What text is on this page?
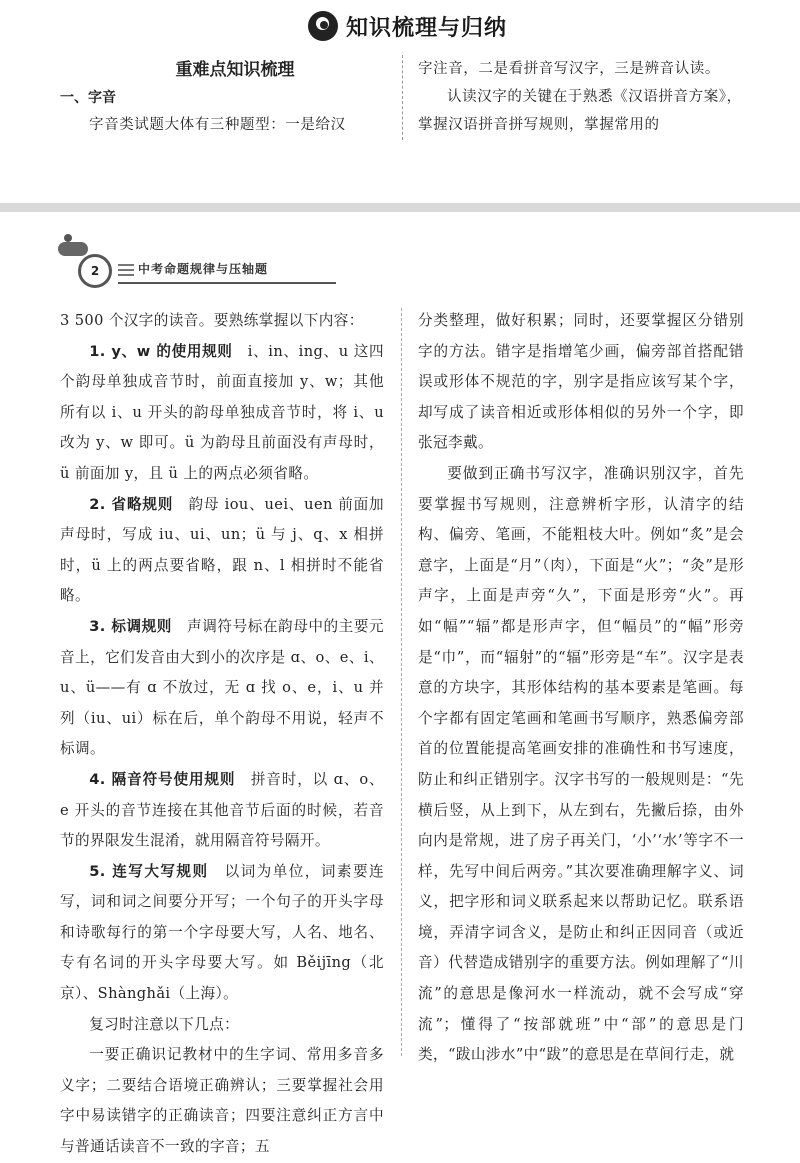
知识梳理与归纳
重难点知识梳理
一、字音
字音类试题大体有三种题型：一是给汉

字注音，二是看拼音写汉字，三是辨音认读。

认读汉字的关键在于熟悉《汉语拼音方案》，掌握汉语拼音拼写规则，掌握常用的

2	中考命题规律与压轴题

3 500 个汉字的读音。要熟练掌握以下内容：

1. y、w 的使用规则　i、in、ing、u 这四个韵母单独成音节时，前面直接加 y、w；其他所有以 i、u 开头的韵母单独成音节时，将 i、u 改为 y、w 即可。ü 为韵母且前面没有声母时，ü 前面加 y，且 ü 上的两点必须省略。

2. 省略规则　韵母 iou、uei、uen 前面加声母时，写成 iu、ui、un；ü 与 j、q、x 相拼时，ü 上的两点要省略，跟 n、l 相拼时不能省略。

3. 标调规则　声调符号标在韵母中的主要元音上，它们发音由大到小的次序是 ɑ、o、e、i、u、ü——有 ɑ 不放过，无 ɑ 找 o、e，i、u 并列（iu、ui）标在后，单个韵母不用说，轻声不标调。

4. 隔音符号使用规则　拼音时，以 ɑ、o、e 开头的音节连接在其他音节后面的时候，若音节的界限发生混淆，就用隔音符号隔开。

5. 连写大写规则　以词为单位，词素要连写，词和词之间要分开写；一个句子的开头字母和诗歌每行的第一个字母要大写，人名、地名、专有名词的开头字母要大写。如 Běijīng（北京）、Shànghǎi（上海）。

复习时注意以下几点：

一要正确识记教材中的生字词、常用多音多义字；二要结合语境正确辨认；三要掌握社会用字中易读错字的正确读音；四要注意纠正方言中与普通话读音不一致的字音；五

分类整理，做好积累；同时，还要掌握区分错别字的方法。错字是指增笔少画，偏旁部首搭配错误或形体不规范的字，别字是指应该写某个字，却写成了读音相近或形体相似的另外一个字，即张冠李戴。

要做到正确书写汉字，准确识别汉字，首先要掌握书写规则，注意辨析字形，认清字的结构、偏旁、笔画，不能粗枝大叶。例如“炙”是会意字，上面是“月”（肉），下面是“火”；“灸”是形声字，上面是声旁“久”，下面是形旁“火”。再如“幅”“辐”都是形声字，但“幅员”的“幅”形旁是“巾”，而“辐射”的“辐”形旁是“车”。汉字是表意的方块字，其形体结构的基本要素是笔画。每个字都有固定笔画和笔画书写顺序，熟悉偏旁部首的位置能提高笔画安排的准确性和书写速度，防止和纠正错别字。汉字书写的一般规则是：“先横后竖，从上到下，从左到右，先撇后捺，由外向内是常规，进了房子再关门，‘小’‘水’等字不一样，先写中间后两旁。”其次要准确理解字义、词义，把字形和词义联系起来以帮助记忆。联系语境，弄清字词含义，是防止和纠正因同音（或近音）代替造成错别字的重要方法。例如理解了“川流”的意思是像河水一样流动，就不会写成“穿流”；懂得了“按部就班”中“部”的意思是门类，“跋山涉水”中“跋”的意思是在草间行走，就
